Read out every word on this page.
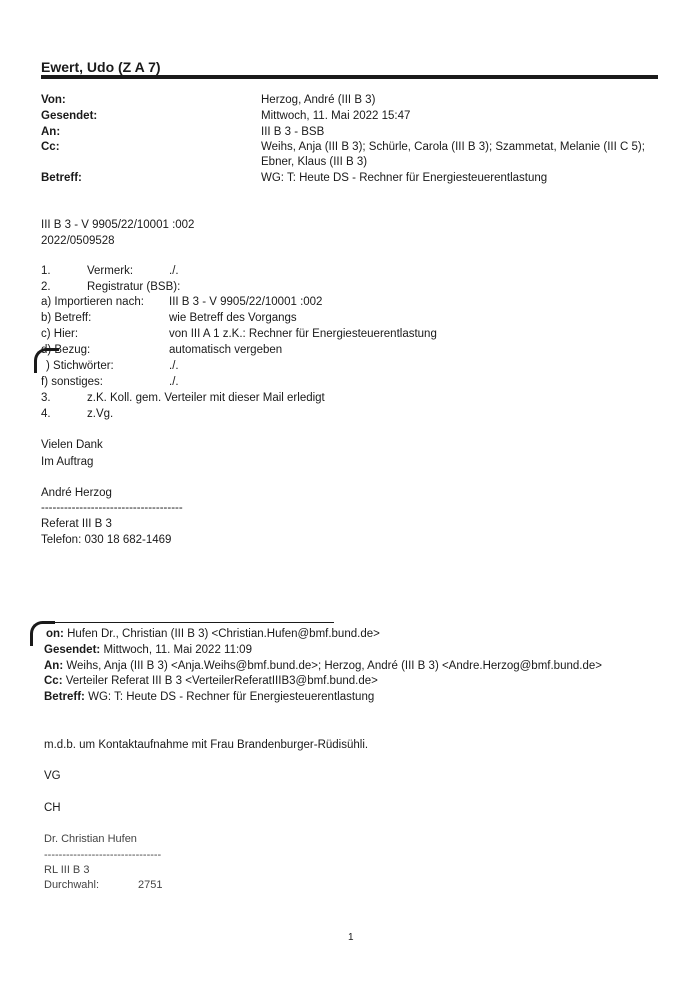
Ewert, Udo (Z A 7)
Von:	Herzog, André (III B 3)
Gesendet:	Mittwoch, 11. Mai 2022 15:47
An:	III B 3 - BSB
Cc:	Weihs, Anja (III B 3); Schürle, Carola (III B 3); Szammetat, Melanie (III C 5);
Ebner, Klaus (III B 3)
Betreff:	WG: T: Heute DS - Rechner für Energiesteuerentlastung
III B 3 - V 9905/22/10001 :002
2022/0509528
1.	Vermerk:	./.
2.	Registratur (BSB):
a) Importieren nach: III B 3 - V 9905/22/10001 :002
b) Betreff:	wie Betreff des Vorgangs
c) Hier:	von III A 1 z.K.: Rechner für Energiesteuerentlastung
d) Bezug:	automatisch vergeben
) Stichwörter:	./.
f) sonstiges:	./.
3.	z.K. Koll. gem. Verteiler mit dieser Mail erledigt
4.	z.Vg.
Vielen Dank
Im Auftrag
André Herzog
-------------------------------------
Referat III B 3
Telefon: 030 18 682-1469
on: Hufen Dr., Christian (III B 3) <Christian.Hufen@bmf.bund.de>
Gesendet: Mittwoch, 11. Mai 2022 11:09
An: Weihs, Anja (III B 3) <Anja.Weihs@bmf.bund.de>; Herzog, André (III B 3) <Andre.Herzog@bmf.bund.de>
Cc: Verteiler Referat III B 3 <VerteilerReferatIIIB3@bmf.bund.de>
Betreff: WG: T: Heute DS - Rechner für Energiesteuerentlastung
m.d.b. um Kontaktaufnahme mit Frau Brandenburger-Rüdisühli.
VG
CH
Dr. Christian Hufen
--------------------------------
RL III B 3
Durchwahl:	2751
1
